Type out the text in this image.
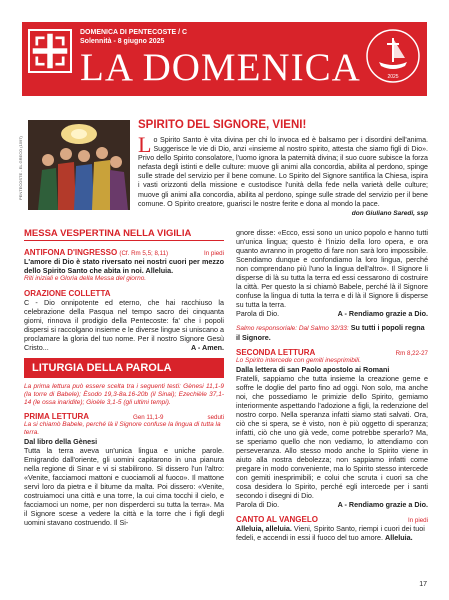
DOMENICA DI PENTECOSTE / C
Solennità - 8 giugno 2025
LA DOMENICA	2025
PENTECOSTE - EL GRECO (1597)
SPIRITO DEL SIGNORE, VIENI!
Lo Spirito Santo è vita divina per chi lo invoca ed è balsamo per i disordini dell'anima. Suggerisce le vie di Dio, anzi «insieme al nostro spirito, attesta che siamo figli di Dio». Privo dello Spirito consolatore, l'uomo ignora la paternità divina; il suo cuore subisce la forza nefasta degli istinti e delle culture: muove gli animi alla concordia, abilita al perdono, spinge sulle strade del servizio per il bene comune. Lo Spirito del Signore santifica la Chiesa, ispira i vasti orizzonti della missione e custodisce l'unità della fede nella varietà delle culture; muove gli animi alla concordia, abilita al perdono, spinge sulle strade del servizio per il bene comune. O Spirito creatore, guarisci le nostre ferite e dona al mondo la pace.
don Giuliano Saredi, ssp
MESSA VESPERTINA NELLA VIGILIA
ANTIFONA D'INGRESSO (Cf. Rm 5,5; 8,11)	In piedi
L'amore di Dio è stato riversato nei nostri cuori per mezzo dello Spirito Santo che abita in noi. Alleluia.
Riti iniziali e Gloria della Messa del giorno.
ORAZIONE COLLETTA
C - Dio onnipotente ed eterno, che hai racchiuso la celebrazione della Pasqua nel tempo sacro dei cinquanta giorni, rinnova il prodigio della Pentecoste: fa' che i popoli dispersi si raccolgano insieme e le diverse lingue si uniscano a proclamare la gloria del tuo nome. Per il nostro Signore Gesù Cristo...	A - Amen.
LITURGIA DELLA PAROLA
La prima lettura può essere scelta tra i seguenti testi: Gènesi 11,1-9 (la torre di Babele); Èsodo 19,3-8a.16-20b (il Sinai); Ezechièle 37,1-14 (le ossa inaridite); Gioèle 3,1-5 (gli ultimi tempi).
PRIMA LETTURA	Gen 11,1-9	seduti
La si chiamò Babele, perché là il Signore confuse la lingua di tutta la terra.
Dal libro della Gènesi
Tutta la terra aveva un'unica lingua e uniche parole. Emigrando dall'oriente, gli uomini capitarono in una pianura nella regione di Sinar e vi si stabilirono. Si dissero l'un l'altro: «Venite, facciamoci mattoni e cuociamoli al fuoco». Il mattone servì loro da pietra e il bitume da malta. Poi dissero: «Venite, costruiamoci una città e una torre, la cui cima tocchi il cielo, e facciamoci un nome, per non disperderci su tutta la terra». Ma il Signore scese a vedere la città e la torre che i figli degli uomini stavano costruendo. Il Si-
gnore disse: «Ecco, essi sono un unico popolo e hanno tutti un'unica lingua; questo è l'inizio della loro opera, e ora quanto avranno in progetto di fare non sarà loro impossibile. Scendiamo dunque e confondiamo la loro lingua, perché non comprendano più l'uno la lingua dell'altro». Il Signore li disperse di là su tutta la terra ed essi cessarono di costruire la città. Per questo la si chiamò Babele, perché là il Signore confuse la lingua di tutta la terra e di là il Signore li disperse su tutta la terra.
Parola di Dio.	A - Rendiamo grazie a Dio.
Salmo responsoriale: Dal Salmo 32/33: Su tutti i popoli regna il Signore.
SECONDA LETTURA	Rm 8,22-27
Lo Spirito intercede con gemiti inesprimibili.
Dalla lettera di san Paolo apostolo ai Romani
Fratelli, sappiamo che tutta insieme la creazione geme e soffre le doglie del parto fino ad oggi. Non solo, ma anche noi, che possediamo le primizie dello Spirito, gemiamo interiormente aspettando l'adozione a figli, la redenzione del nostro corpo. Nella speranza infatti siamo stati salvati. Ora, ciò che si spera, se è visto, non è più oggetto di speranza; infatti, ciò che uno già vede, come potrebbe sperarlo? Ma, se speriamo quello che non vediamo, lo attendiamo con perseveranza. Allo stesso modo anche lo Spirito viene in aiuto alla nostra debolezza; non sappiamo infatti come pregare in modo conveniente, ma lo Spirito stesso intercede con gemiti inesprimibili; e colui che scruta i cuori sa che cosa desidera lo Spirito, perché egli intercede per i santi secondo i disegni di Dio.
Parola di Dio.	A - Rendiamo grazie a Dio.
CANTO AL VANGELO	In piedi
Alleluia, alleluia. Vieni, Spirito Santo, riempi i cuori dei tuoi fedeli, e accendi in essi il fuoco del tuo amore. Alleluia.
17
